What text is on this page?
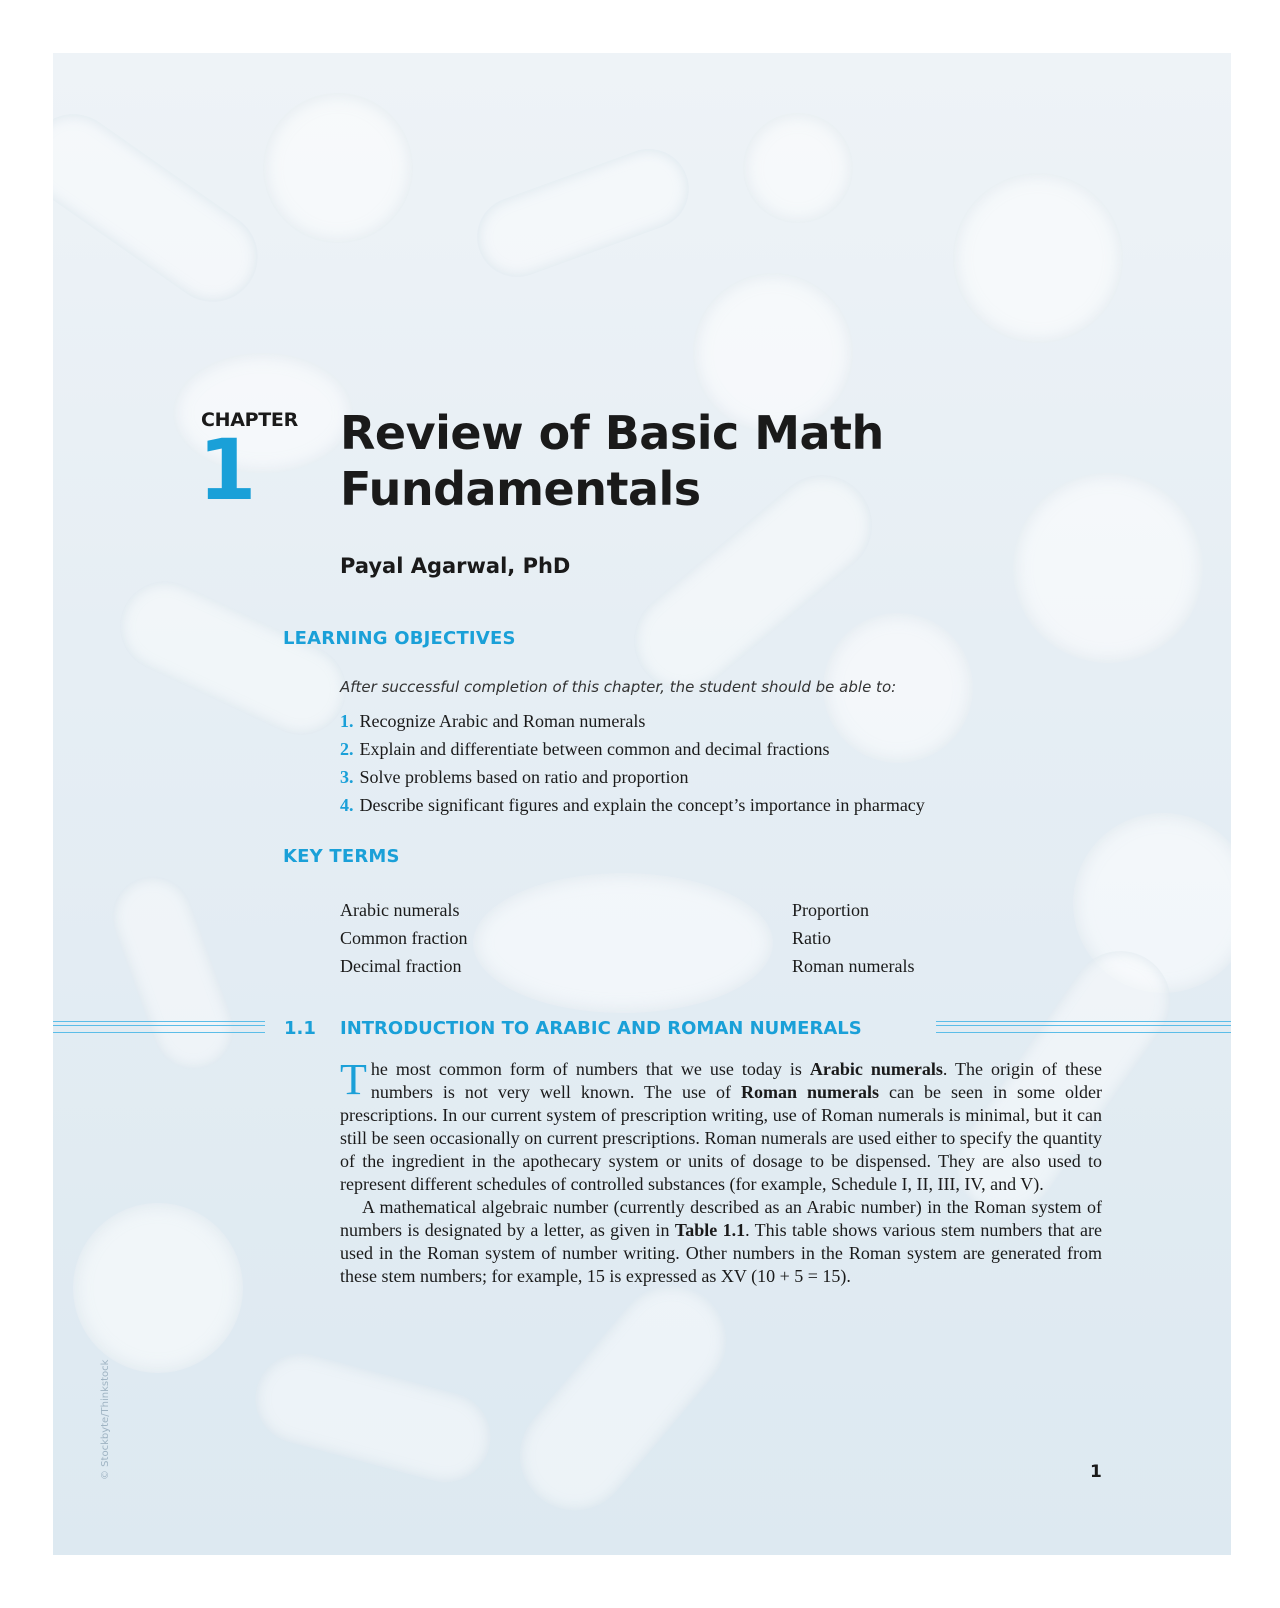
CHAPTER
1 Review of Basic Math
Fundamentals
Payal Agarwal, PhD
LEARNING OBJECTIVES
After successful completion of this chapter, the student should be able to:
1. Recognize Arabic and Roman numerals
2. Explain and differentiate between common and decimal fractions
3. Solve problems based on ratio and proportion
4. Describe significant figures and explain the concept’s importance in pharmacy
KEY TERMS
Arabic numerals
Common fraction
Decimal fraction
Proportion
Ratio
Roman numerals
1.1 INTRODUCTION TO ARABIC AND ROMAN NUMERALS

The most common form of numbers that we use today is Arabic numerals. The origin of these numbers is not very well known. The use of Roman numerals can be seen in some older prescriptions. In our current system of prescription writing, use of Roman numerals is minimal, but it can still be seen occasionally on current prescriptions. Roman numerals are used either to specify the quantity of the ingredient in the apothecary system or units of dosage to be dispensed. They are also used to represent different schedules of controlled substances (for example, Schedule I, II, III, IV, and V).

A mathematical algebraic number (currently described as an Arabic number) in the Roman system of numbers is designated by a letter, as given in Table 1.1. This table shows various stem numbers that are used in the Roman system of number writing. Other numbers in the Roman system are generated from these stem numbers; for example, 15 is expressed as XV (10 + 5 = 15).

© Stockbyte/Thinkstock	1
